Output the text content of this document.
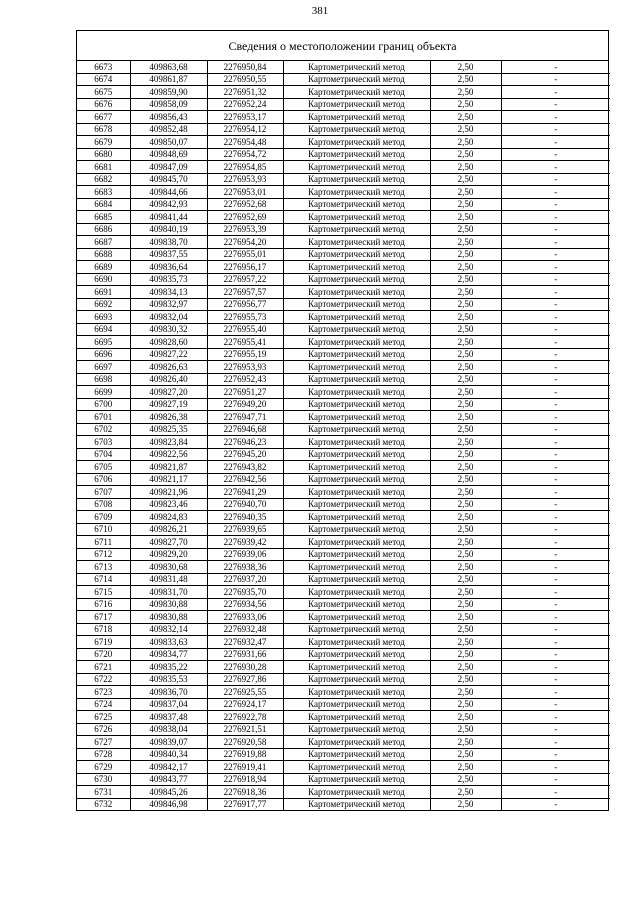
381
Сведения о местоположении границ объекта
6673	409863,68	2276950,84	Картометрический метод	2,50	-
6674	409861,87	2276950,55	Картометрический метод	2,50	-
6675	409859,90	2276951,32	Картометрический метод	2,50	-
6676	409858,09	2276952,24	Картометрический метод	2,50	-
6677	409856,43	2276953,17	Картометрический метод	2,50	-
6678	409852,48	2276954,12	Картометрический метод	2,50	-
6679	409850,07	2276954,48	Картометрический метод	2,50	-
6680	409848,69	2276954,72	Картометрический метод	2,50	-
6681	409847,09	2276954,85	Картометрический метод	2,50	-
6682	409845,70	2276953,93	Картометрический метод	2,50	-
6683	409844,66	2276953,01	Картометрический метод	2,50	-
6684	409842,93	2276952,68	Картометрический метод	2,50	-
6685	409841,44	2276952,69	Картометрический метод	2,50	-
6686	409840,19	2276953,39	Картометрический метод	2,50	-
6687	409838,70	2276954,20	Картометрический метод	2,50	-
6688	409837,55	2276955,01	Картометрический метод	2,50	-
6689	409836,64	2276956,17	Картометрический метод	2,50	-
6690	409835,73	2276957,22	Картометрический метод	2,50	-
6691	409834,13	2276957,57	Картометрический метод	2,50	-
6692	409832,97	2276956,77	Картометрический метод	2,50	-
6693	409832,04	2276955,73	Картометрический метод	2,50	-
6694	409830,32	2276955,40	Картометрический метод	2,50	-
6695	409828,60	2276955,41	Картометрический метод	2,50	-
6696	409827,22	2276955,19	Картометрический метод	2,50	-
6697	409826,63	2276953,93	Картометрический метод	2,50	-
6698	409826,40	2276952,43	Картометрический метод	2,50	-
6699	409827,20	2276951,27	Картометрический метод	2,50	-
6700	409827,19	2276949,20	Картометрический метод	2,50	-
6701	409826,38	2276947,71	Картометрический метод	2,50	-
6702	409825,35	2276946,68	Картометрический метод	2,50	-
6703	409823,84	2276946,23	Картометрический метод	2,50	-
6704	409822,56	2276945,20	Картометрический метод	2,50	-
6705	409821,87	2276943,82	Картометрический метод	2,50	-
6706	409821,17	2276942,56	Картометрический метод	2,50	-
6707	409821,96	2276941,29	Картометрический метод	2,50	-
6708	409823,46	2276940,70	Картометрический метод	2,50	-
6709	409824,83	2276940,35	Картометрический метод	2,50	-
6710	409826,21	2276939,65	Картометрический метод	2,50	-
6711	409827,70	2276939,42	Картометрический метод	2,50	-
6712	409829,20	2276939,06	Картометрический метод	2,50	-
6713	409830,68	2276938,36	Картометрический метод	2,50	-
6714	409831,48	2276937,20	Картометрический метод	2,50	-
6715	409831,70	2276935,70	Картометрический метод	2,50	-
6716	409830,88	2276934,56	Картометрический метод	2,50	-
6717	409830,88	2276933,06	Картометрический метод	2,50	-
6718	409832,14	2276932,48	Картометрический метод	2,50	-
6719	409833,63	2276932,47	Картометрический метод	2,50	-
6720	409834,77	2276931,66	Картометрический метод	2,50	-
6721	409835,22	2276930,28	Картометрический метод	2,50	-
6722	409835,53	2276927,86	Картометрический метод	2,50	-
6723	409836,70	2276925,55	Картометрический метод	2,50	-
6724	409837,04	2276924,17	Картометрический метод	2,50	-
6725	409837,48	2276922,78	Картометрический метод	2,50	-
6726	409838,04	2276921,51	Картометрический метод	2,50	-
6727	409839,07	2276920,58	Картометрический метод	2,50	-
6728	409840,34	2276919,88	Картометрический метод	2,50	-
6729	409842,17	2276919,41	Картометрический метод	2,50	-
6730	409843,77	2276918,94	Картометрический метод	2,50	-
6731	409845,26	2276918,36	Картометрический метод	2,50	-
6732	409846,98	2276917,77	Картометрический метод	2,50	-
